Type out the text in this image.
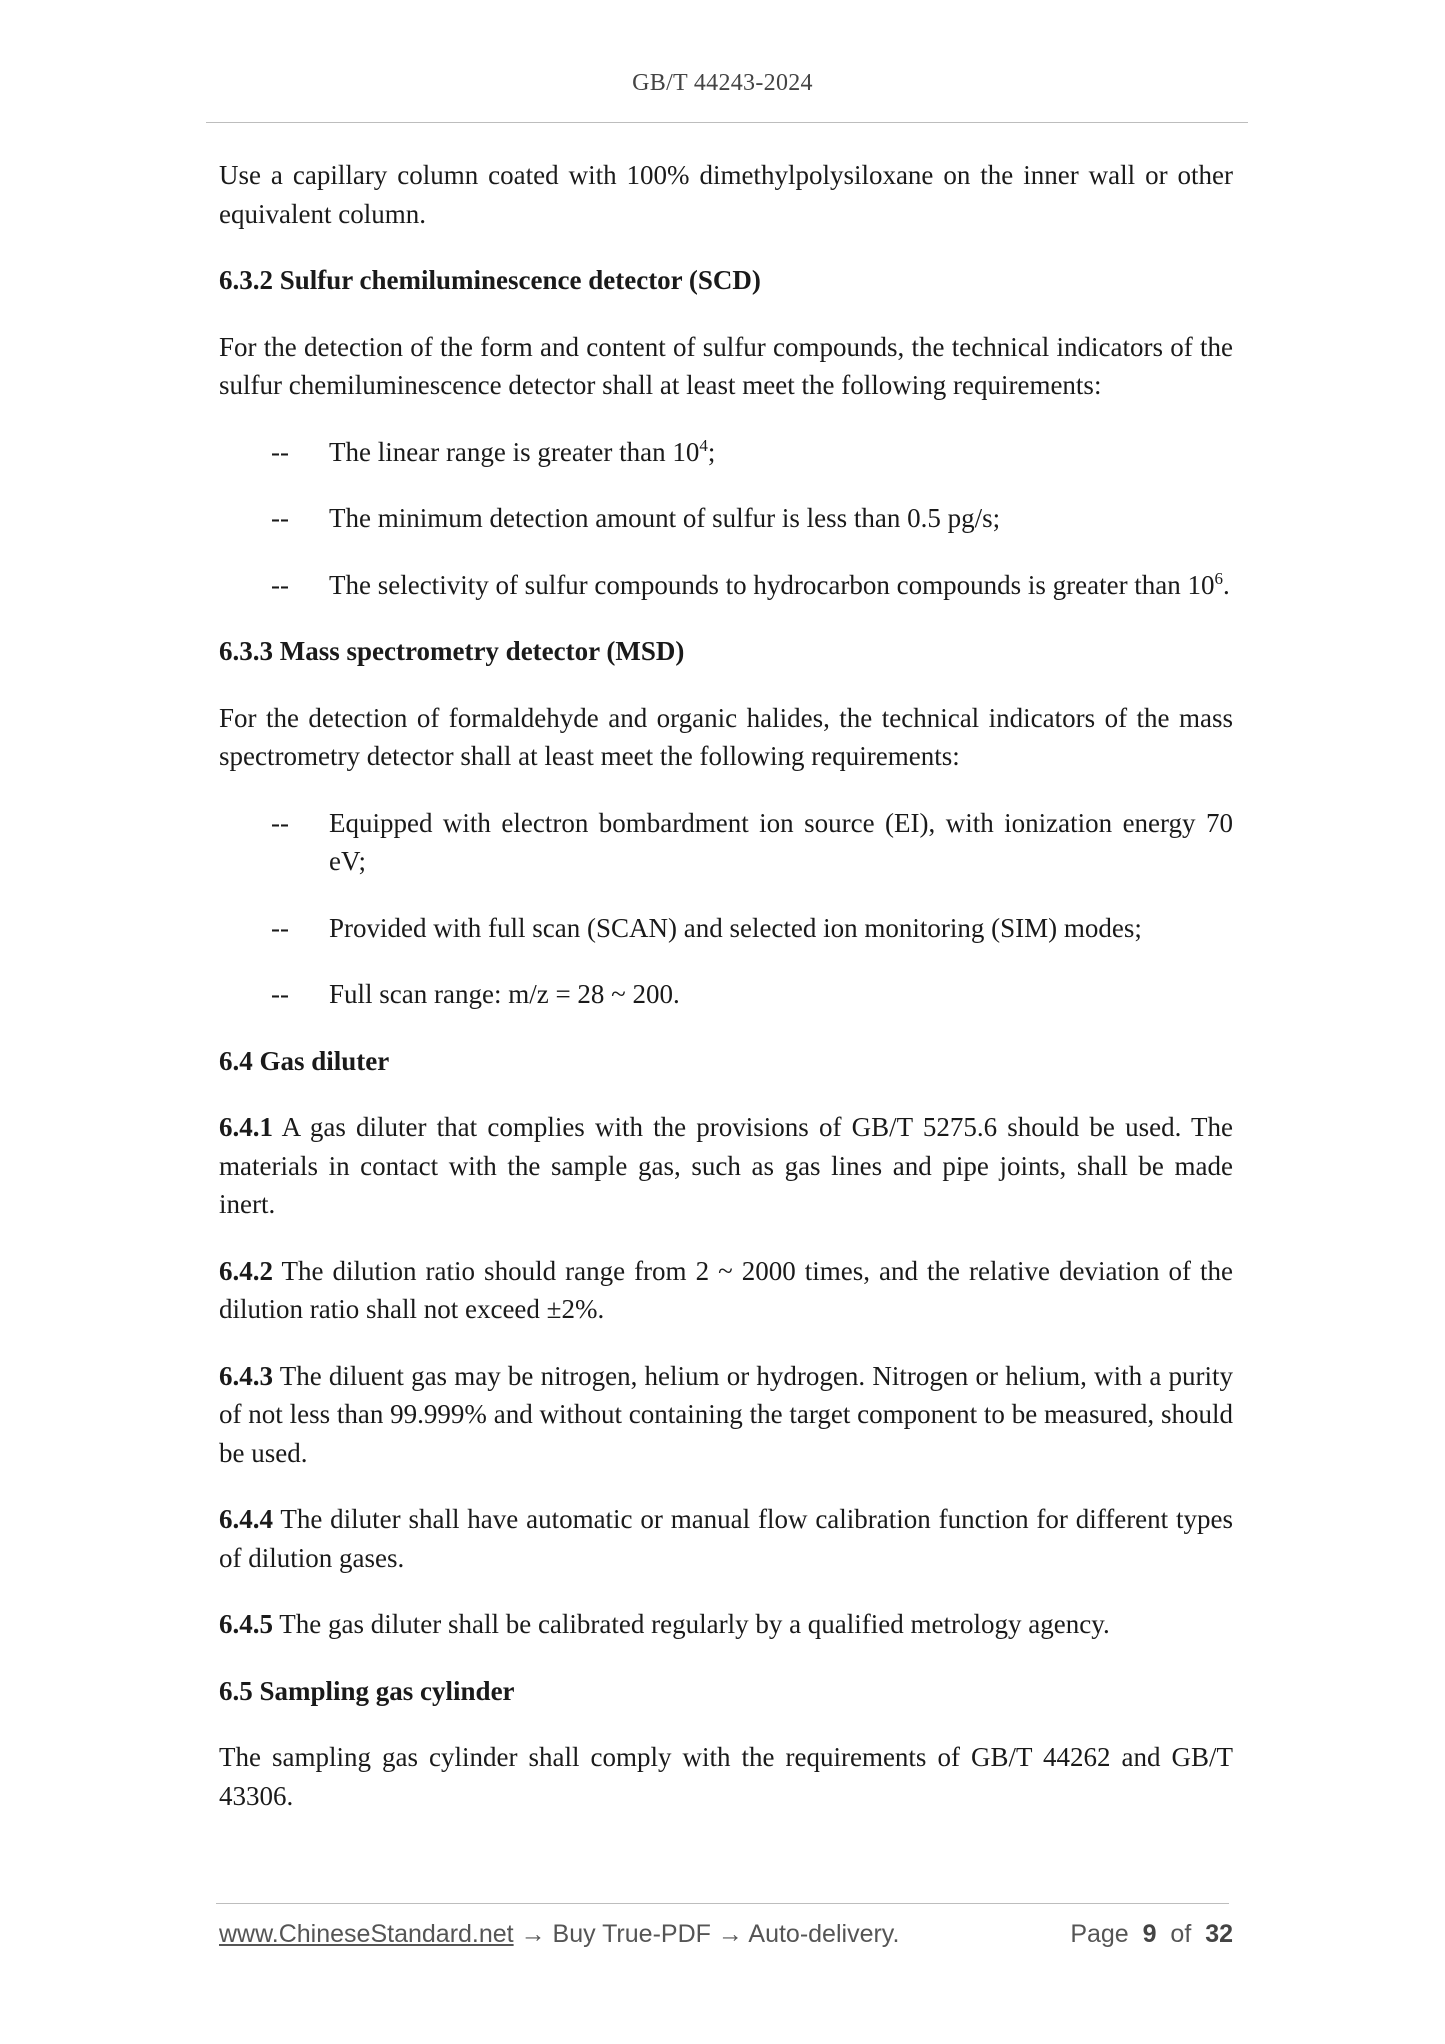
GB/T 44243-2024

Use a capillary column coated with 100% dimethylpolysiloxane on the inner wall or other equivalent column.

6.3.2 Sulfur chemiluminescence detector (SCD)

For the detection of the form and content of sulfur compounds, the technical indicators of the sulfur chemiluminescence detector shall at least meet the following requirements:

--	The linear range is greater than $10^4$;
--	The minimum detection amount of sulfur is less than 0.5 pg/s;
--	The selectivity of sulfur compounds to hydrocarbon compounds is greater than $10^6$.
6.3.3 Mass spectrometry detector (MSD)

For the detection of formaldehyde and organic halides, the technical indicators of the mass spectrometry detector shall at least meet the following requirements:

--	Equipped with electron bombardment ion source (EI), with ionization energy 70 eV;
--	Provided with full scan (SCAN) and selected ion monitoring (SIM) modes;
--	Full scan range: m/z = 28 ~ 200.
6.4 Gas diluter

6.4.1 A gas diluter that complies with the provisions of GB/T 5275.6 should be used. The materials in contact with the sample gas, such as gas lines and pipe joints, shall be made inert.

6.4.2 The dilution ratio should range from 2 ~ 2000 times, and the relative deviation of the dilution ratio shall not exceed ±2%.

6.4.3 The diluent gas may be nitrogen, helium or hydrogen. Nitrogen or helium, with a purity of not less than 99.999% and without containing the target component to be measured, should be used.

6.4.4 The diluter shall have automatic or manual flow calibration function for different types of dilution gases.

6.4.5 The gas diluter shall be calibrated regularly by a qualified metrology agency.

6.5 Sampling gas cylinder

The sampling gas cylinder shall comply with the requirements of GB/T 44262 and GB/T 43306.

www.ChineseStandard.net → Buy True-PDF → Auto-delivery.	Page 9 of 32
